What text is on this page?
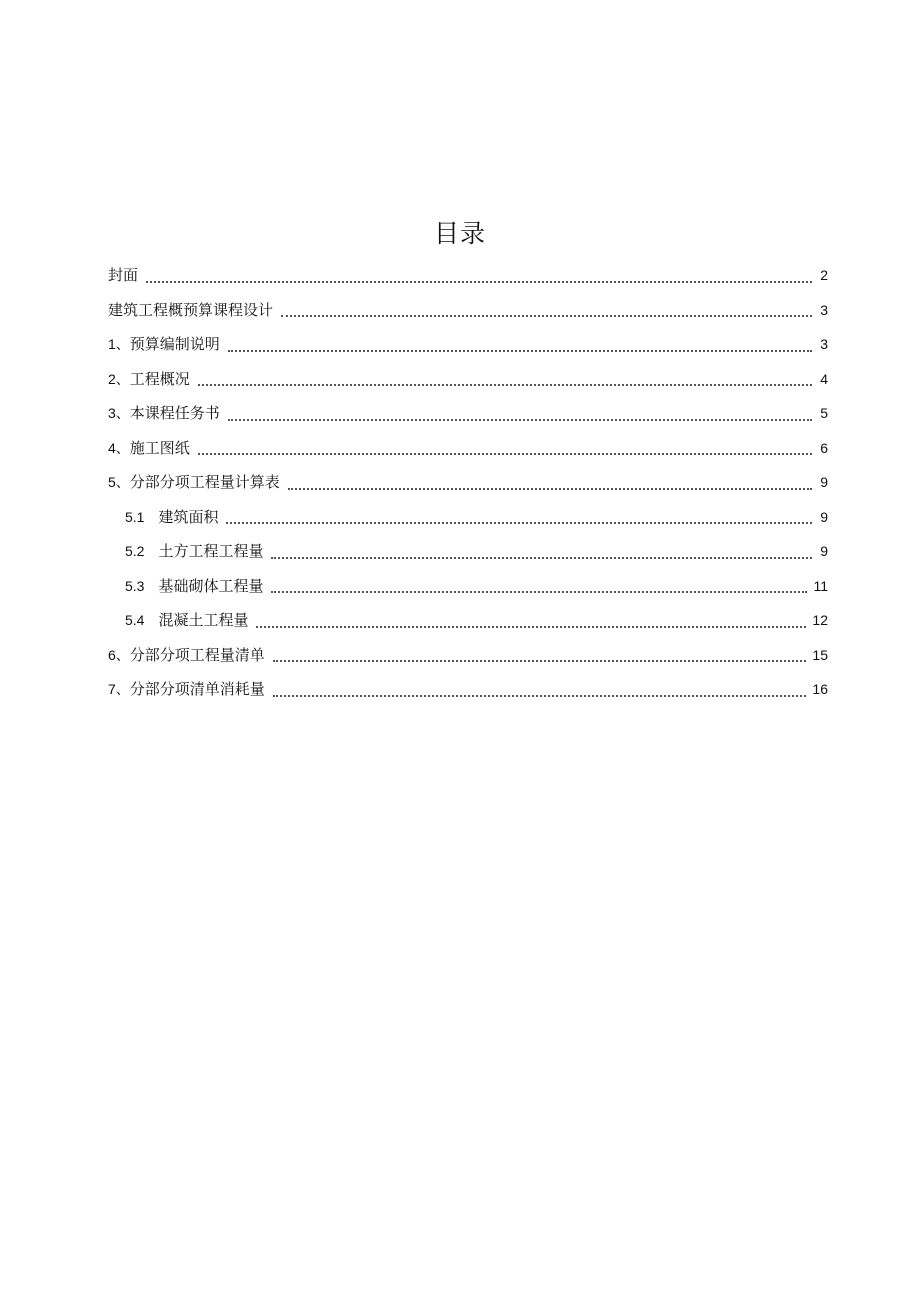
目录
封面	2
建筑工程概预算课程设计	3
1、 预算编制说明	3
2、 工程概况	4
3、 本课程任务书	5
4、 施工图纸	6
5、 分部分项工程量计算表	9
5.1 建筑面积	9
5.2 土方工程工程量	9
5.3 基础砌体工程量	11
5.4 混凝土工程量	12
6、 分部分项工程量清单	15
7、 分部分项清单消耗量	16
